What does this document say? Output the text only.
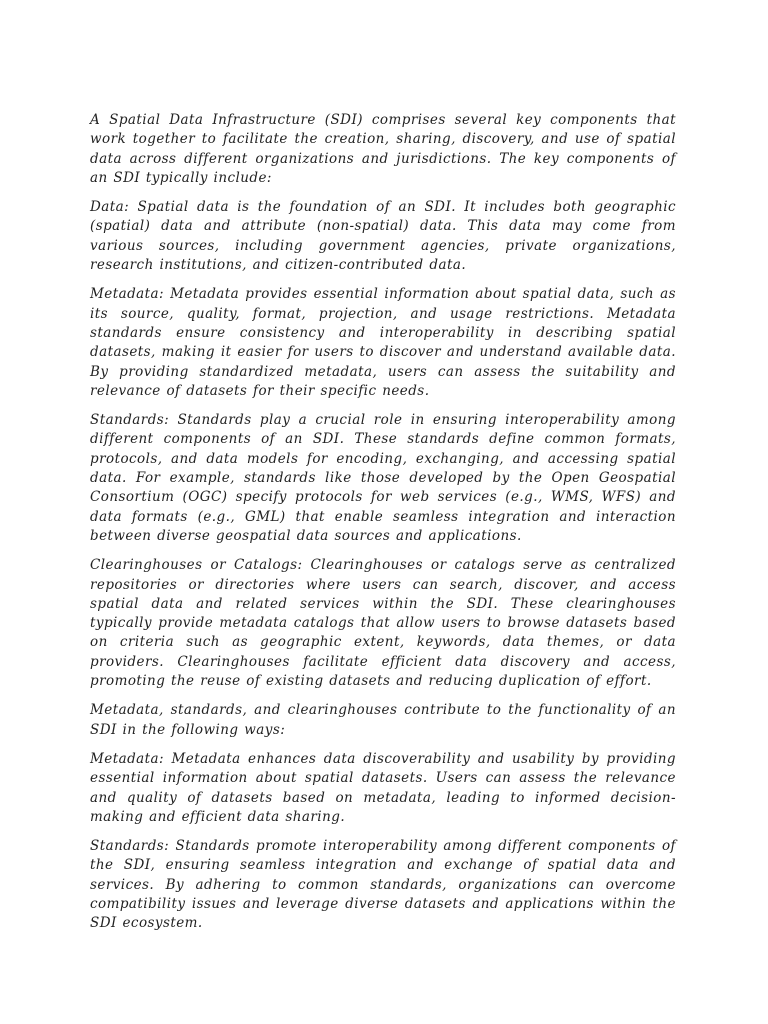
A Spatial Data Infrastructure (SDI) comprises several key components that work together to facilitate the creation, sharing, discovery, and use of spatial data across different organizations and jurisdictions. The key components of an SDI typically include:

Data: Spatial data is the foundation of an SDI. It includes both geographic (spatial) data and attribute (non-spatial) data. This data may come from various sources, including government agencies, private organizations, research institutions, and citizen-contributed data.

Metadata: Metadata provides essential information about spatial data, such as its source, quality, format, projection, and usage restrictions. Metadata standards ensure consistency and interoperability in describing spatial datasets, making it easier for users to discover and understand available data. By providing standardized metadata, users can assess the suitability and relevance of datasets for their specific needs.

Standards: Standards play a crucial role in ensuring interoperability among different components of an SDI. These standards define common formats, protocols, and data models for encoding, exchanging, and accessing spatial data. For example, standards like those developed by the Open Geospatial Consortium (OGC) specify protocols for web services (e.g., WMS, WFS) and data formats (e.g., GML) that enable seamless integration and interaction between diverse geospatial data sources and applications.

Clearinghouses or Catalogs: Clearinghouses or catalogs serve as centralized repositories or directories where users can search, discover, and access spatial data and related services within the SDI. These clearinghouses typically provide metadata catalogs that allow users to browse datasets based on criteria such as geographic extent, keywords, data themes, or data providers. Clearinghouses facilitate efficient data discovery and access, promoting the reuse of existing datasets and reducing duplication of effort.

Metadata, standards, and clearinghouses contribute to the functionality of an SDI in the following ways:

Metadata: Metadata enhances data discoverability and usability by providing essential information about spatial datasets. Users can assess the relevance and quality of datasets based on metadata, leading to informed decision-making and efficient data sharing.

Standards: Standards promote interoperability among different components of the SDI, ensuring seamless integration and exchange of spatial data and services. By adhering to common standards, organizations can overcome compatibility issues and leverage diverse datasets and applications within the SDI ecosystem.
